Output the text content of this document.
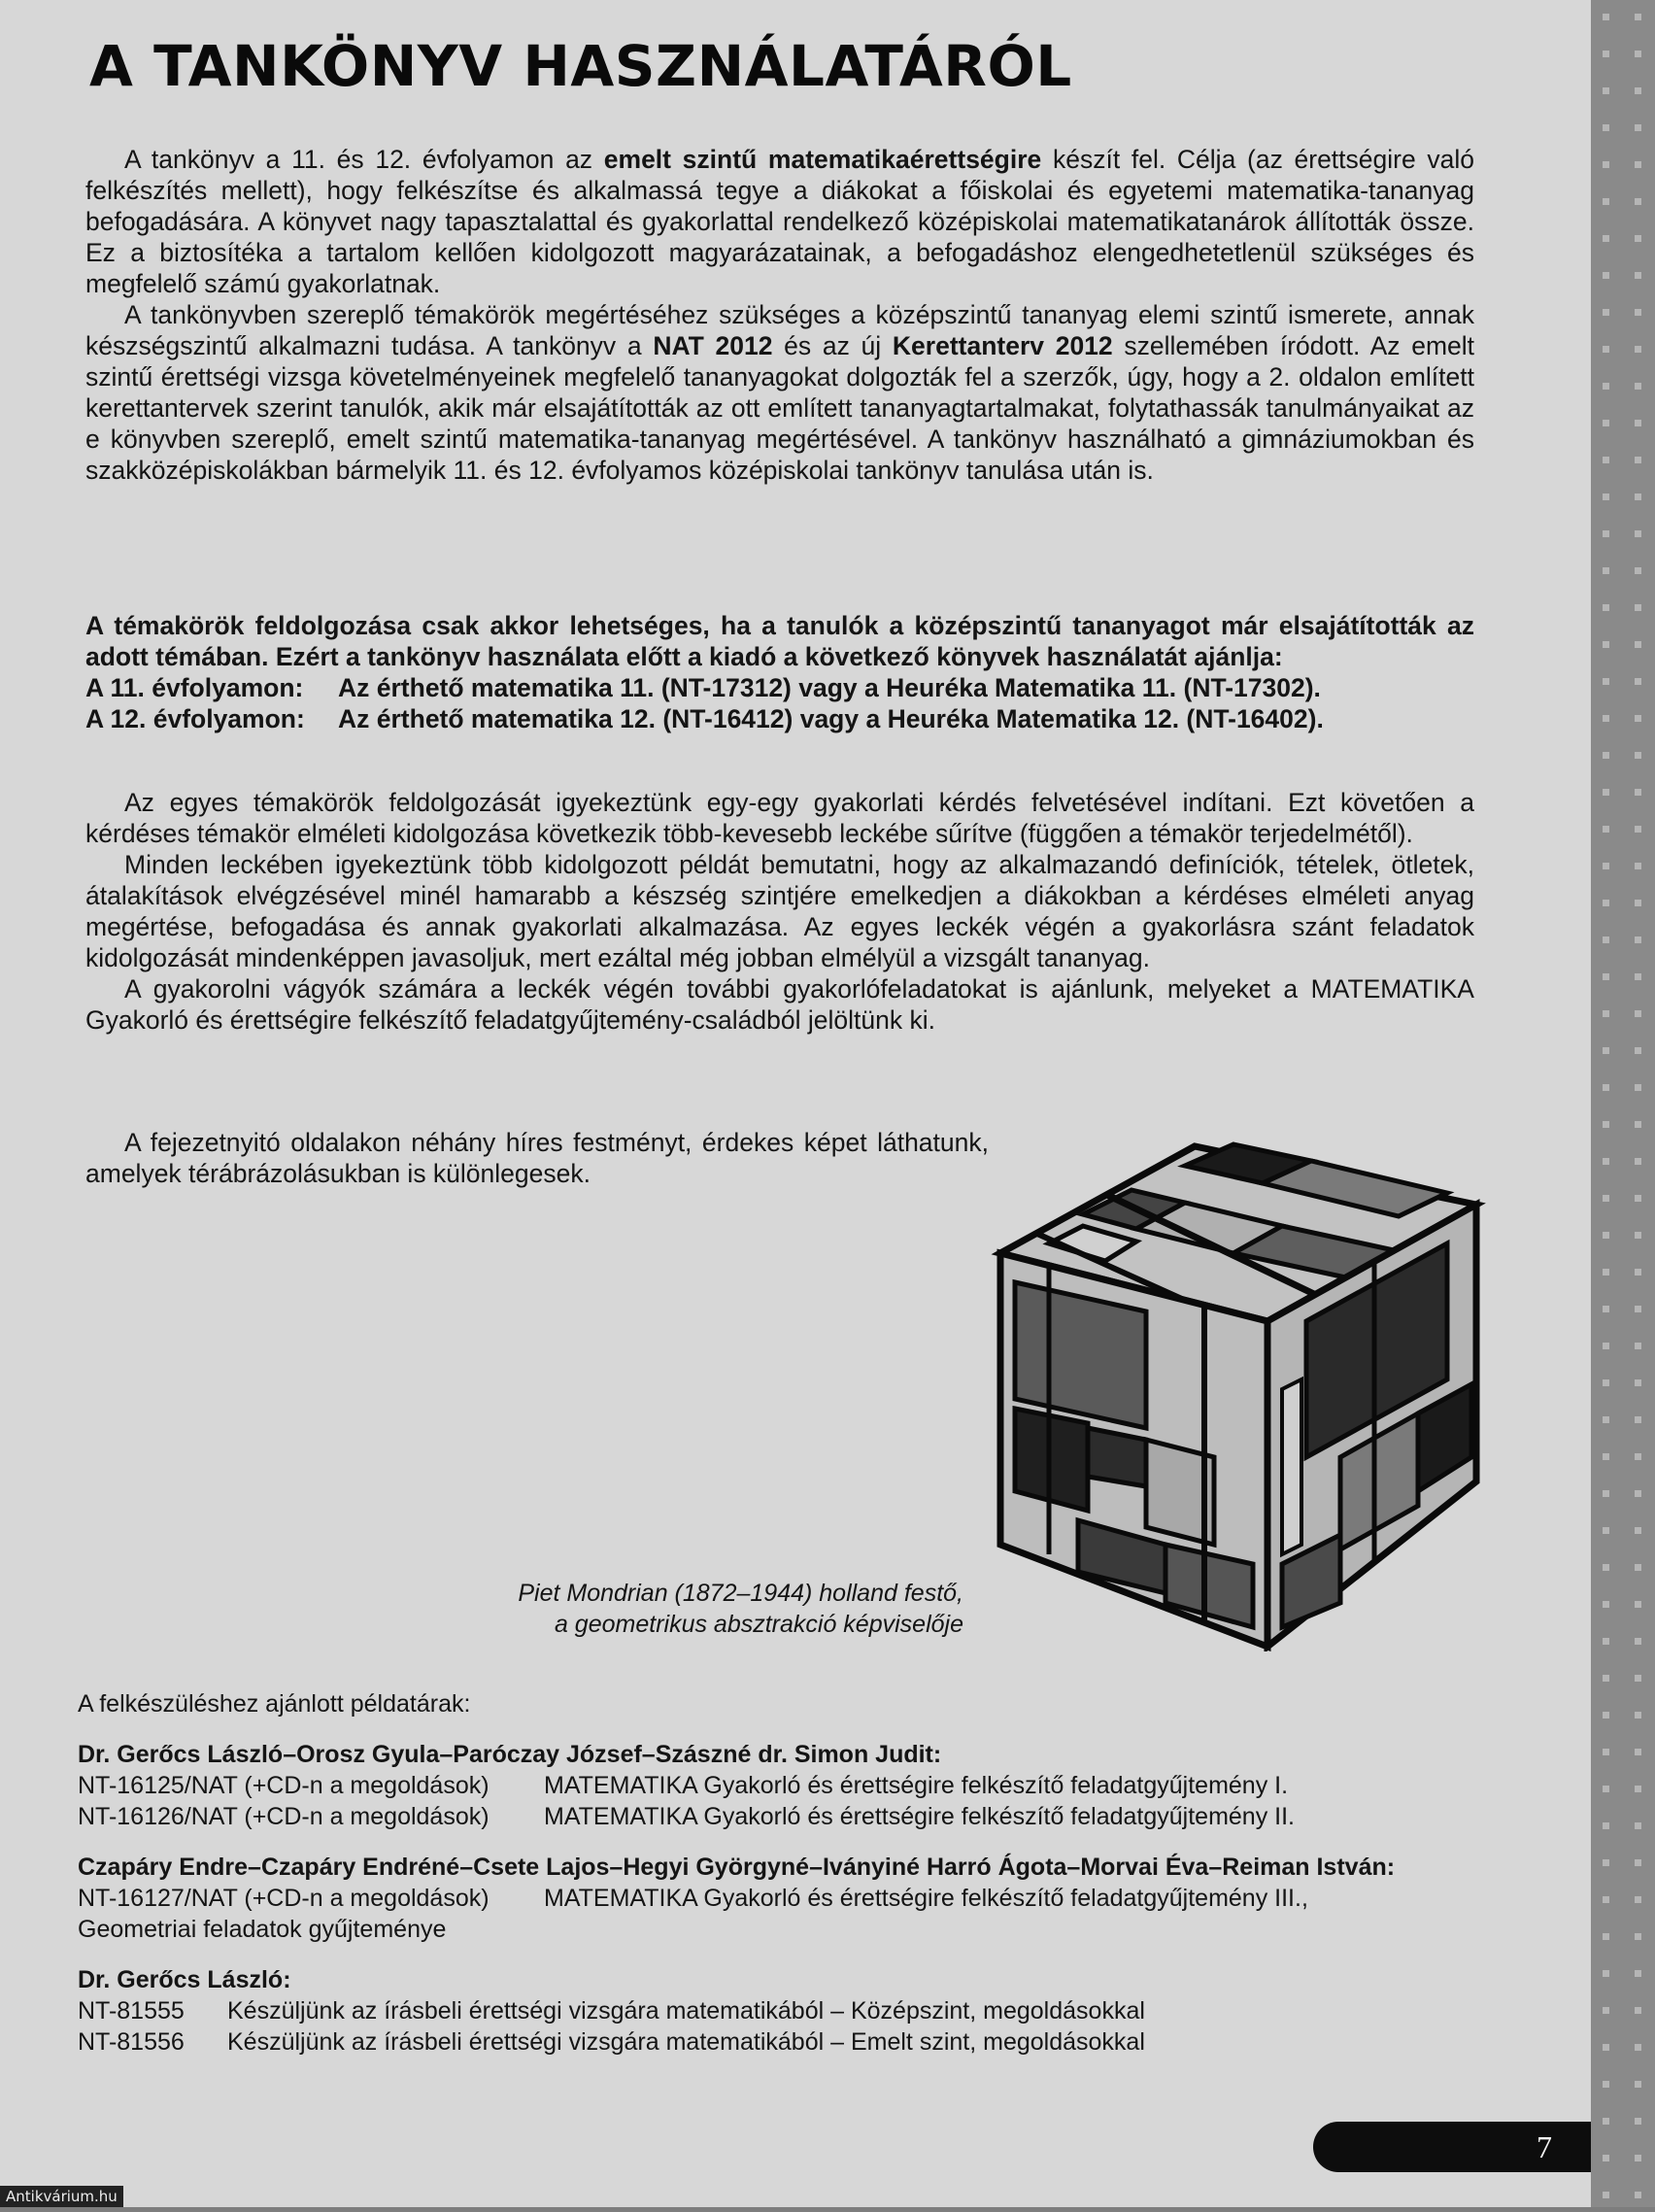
A TANKÖNYV HASZNÁLATÁRÓL

A tankönyv a 11. és 12. évfolyamon az emelt szintű matematikaérettségire készít fel. Célja (az érettségire való felkészítés mellett), hogy felkészítse és alkalmassá tegye a diákokat a főiskolai és egyetemi matematika-tananyag befogadására. A könyvet nagy tapasztalattal és gyakorlattal rendelkező középiskolai matematikatanárok állították össze. Ez a biztosítéka a tartalom kellően kidolgozott magyarázatainak, a befogadáshoz elengedhetetlenül szükséges és megfelelő számú gyakorlatnak.

A tankönyvben szereplő témakörök megértéséhez szükséges a középszintű tananyag elemi szintű ismerete, annak készségszintű alkalmazni tudása. A tankönyv a NAT 2012 és az új Kerettanterv 2012 szellemében íródott. Az emelt szintű érettségi vizsga követelményeinek megfelelő tananyagokat dolgozták fel a szerzők, úgy, hogy a 2. oldalon említett kerettantervek szerint tanulók, akik már elsajátították az ott említett tananyagtartalmakat, folytathassák tanulmányaikat az e könyvben szereplő, emelt szintű matematika-tananyag megértésével. A tankönyv használható a gimnáziumokban és szakközépiskolákban bármelyik 11. és 12. évfolyamos középiskolai tankönyv tanulása után is.

A témakörök feldolgozása csak akkor lehetséges, ha a tanulók a középszintű tananyagot már elsajátították az adott témában. Ezért a tankönyv használata előtt a kiadó a következő könyvek használatát ajánlja:

A 11. évfolyamon:	Az érthető matematika 11. (NT-17312) vagy a Heuréka Matematika 11. (NT-17302).
A 12. évfolyamon:	Az érthető matematika 12. (NT-16412) vagy a Heuréka Matematika 12. (NT-16402).

Az egyes témakörök feldolgozását igyekeztünk egy-egy gyakorlati kérdés felvetésével indítani. Ezt követően a kérdéses témakör elméleti kidolgozása következik több-kevesebb leckébe sűrítve (függően a témakör terjedelmétől).

Minden leckében igyekeztünk több kidolgozott példát bemutatni, hogy az alkalmazandó definíciók, tételek, ötletek, átalakítások elvégzésével minél hamarabb a készség szintjére emelkedjen a diákokban a kérdéses elméleti anyag megértése, befogadása és annak gyakorlati alkalmazása. Az egyes leckék végén a gyakorlásra szánt feladatok kidolgozását mindenképpen javasoljuk, mert ezáltal még jobban elmélyül a vizsgált tananyag.

A gyakorolni vágyók számára a leckék végén további gyakorlófeladatokat is ajánlunk, melyeket a MATEMATIKA Gyakorló és érettségire felkészítő feladatgyűjtemény-családból jelöltünk ki.

A fejezetnyitó oldalakon néhány híres festményt, érdekes képet láthatunk, amelyek térábrázolásukban is különlegesek.

Piet Mondrian (1872–1944) holland festő,
a geometrikus absztrakció képviselője
A felkészüléshez ajánlott példatárak:
Dr. Gerőcs László–Orosz Gyula–Paróczay József–Szászné dr. Simon Judit:
NT-16125/NAT (+CD-n a megoldások)	MATEMATIKA Gyakorló és érettségire felkészítő feladatgyűjtemény I.
NT-16126/NAT (+CD-n a megoldások)	MATEMATIKA Gyakorló és érettségire felkészítő feladatgyűjtemény II.
Czapáry Endre–Czapáry Endréné–Csete Lajos–Hegyi Györgyné–Iványiné Harró Ágota–Morvai Éva–Reiman István:
NT-16127/NAT (+CD-n a megoldások)	MATEMATIKA Gyakorló és érettségire felkészítő feladatgyűjtemény III.,
Geometriai feladatok gyűjteménye
Dr. Gerőcs László:
NT-81555	Készüljünk az írásbeli érettségi vizsgára matematikából – Középszint, megoldásokkal
NT-81556	Készüljünk az írásbeli érettségi vizsgára matematikából – Emelt szint, megoldásokkal
7
Antikvárium.hu
